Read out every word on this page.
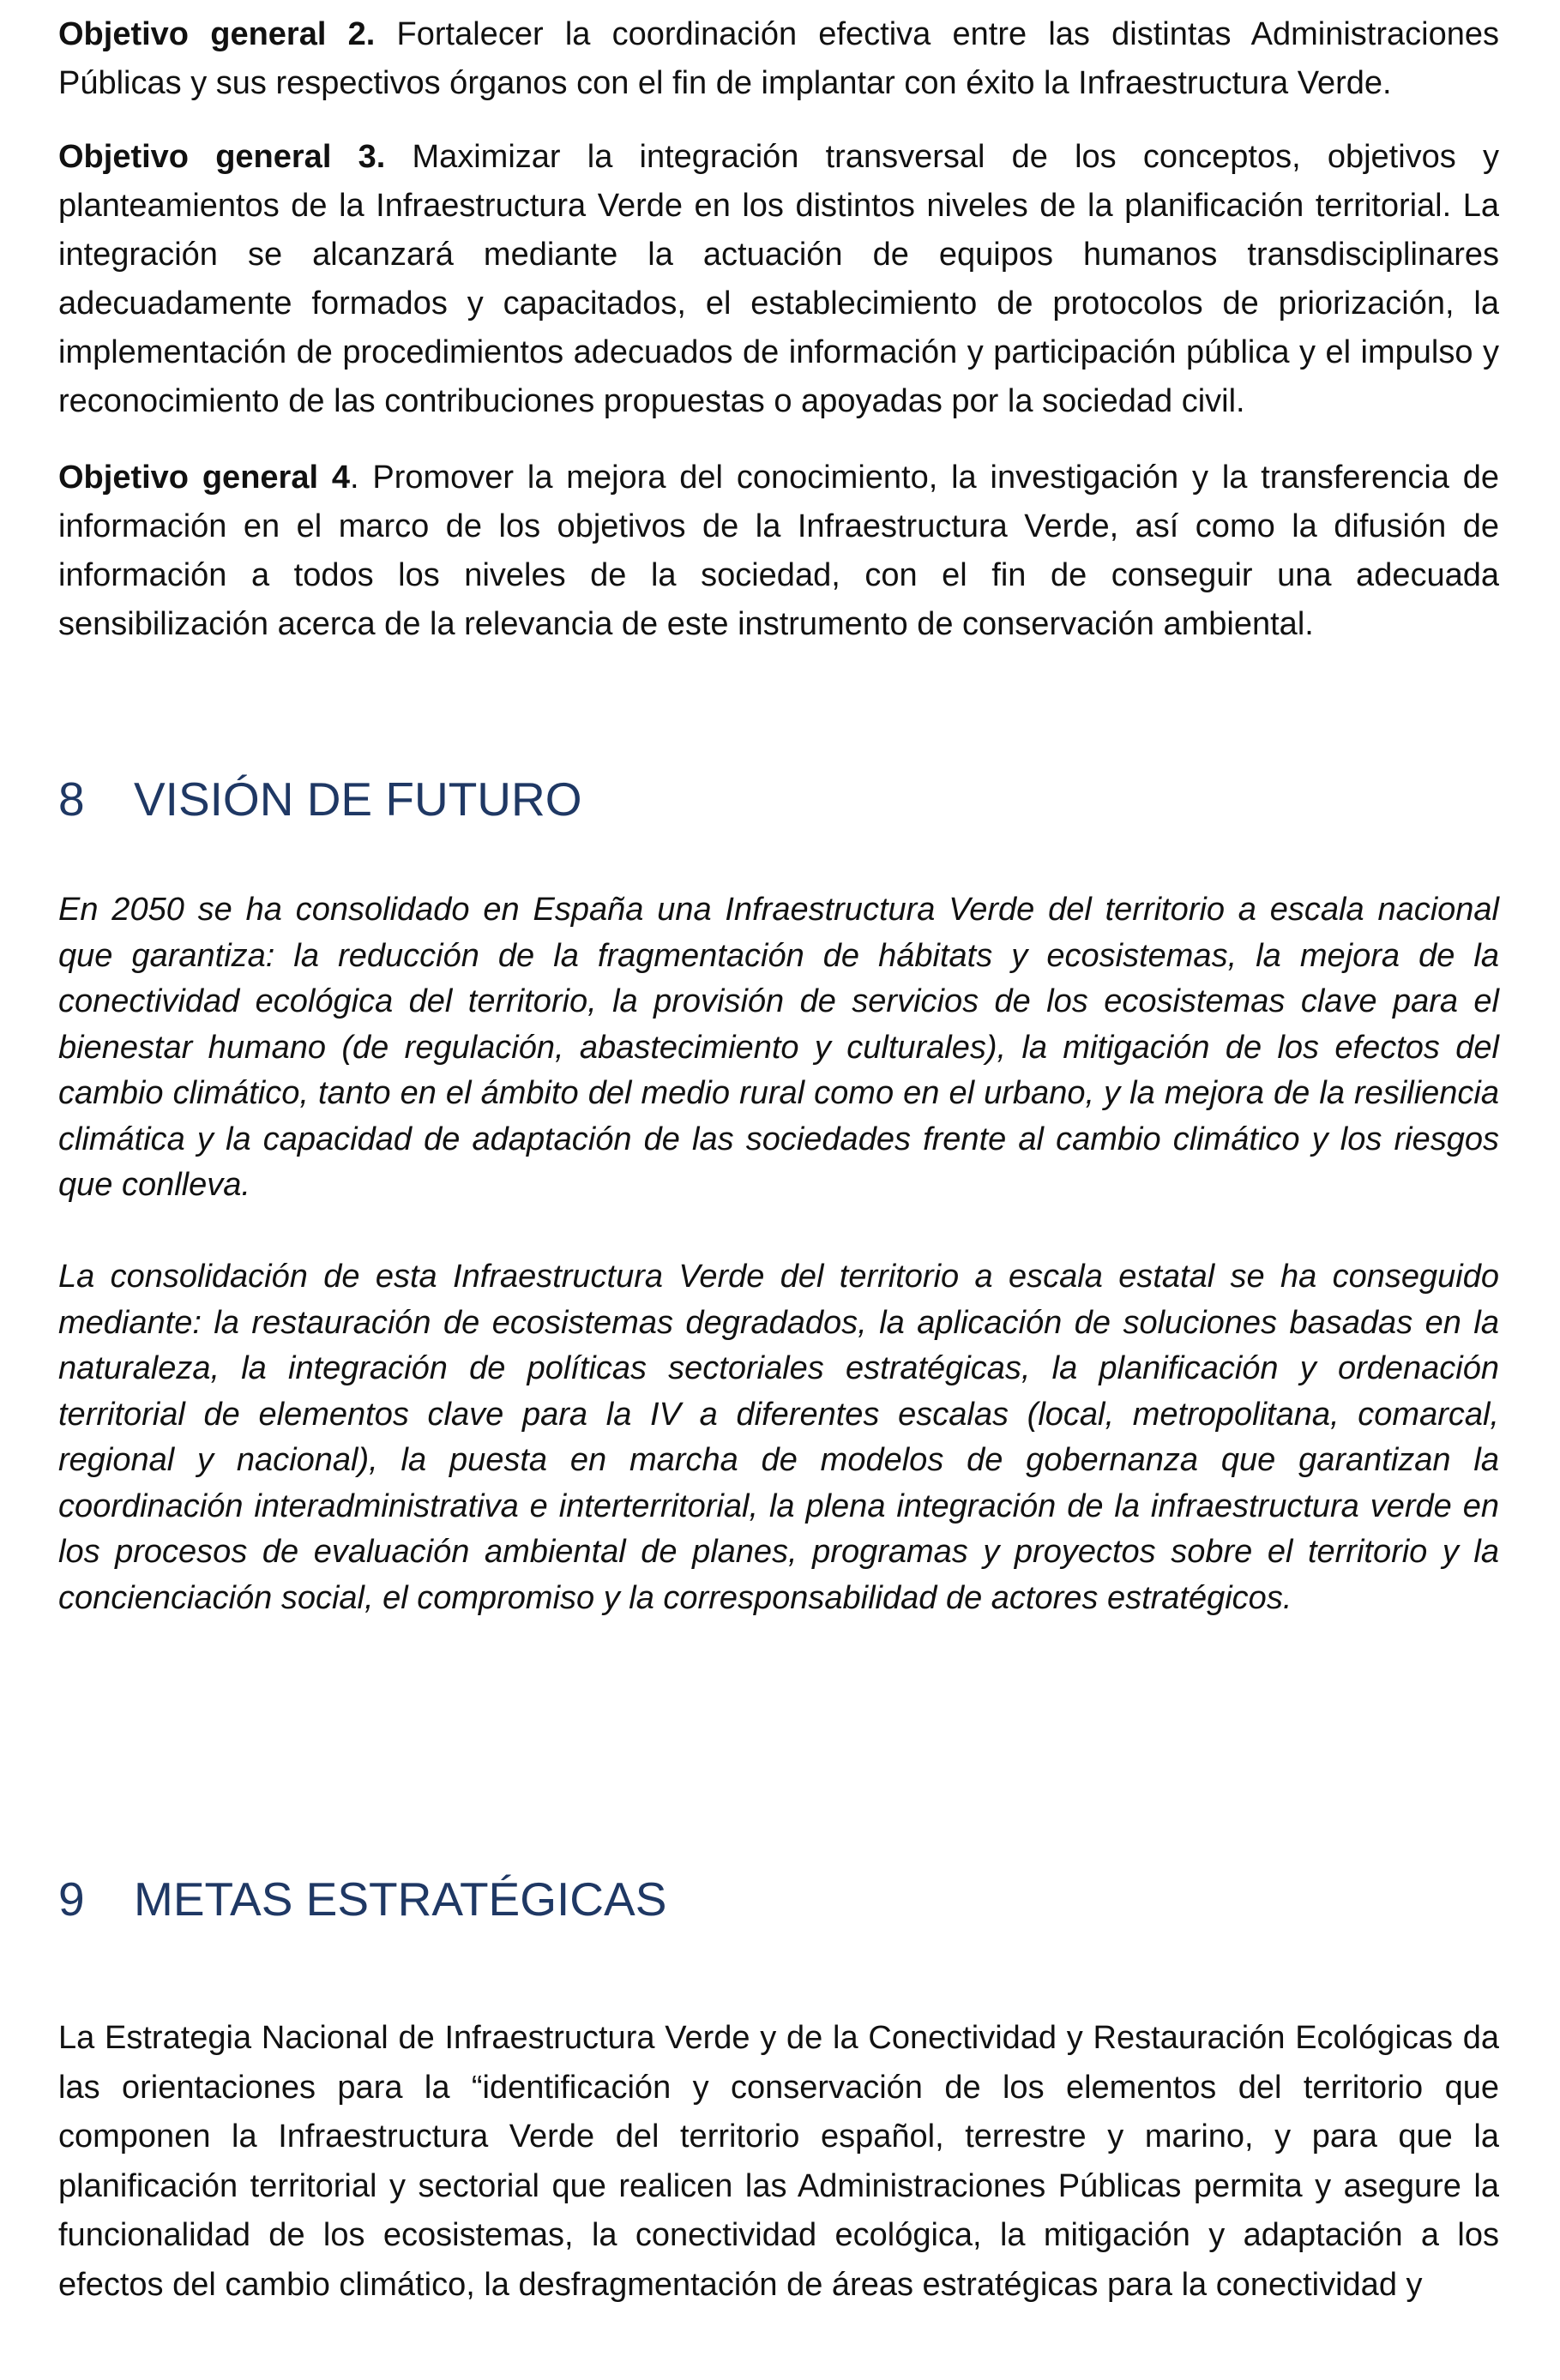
Objetivo general 2. Fortalecer la coordinación efectiva entre las distintas Administraciones Públicas y sus respectivos órganos con el fin de implantar con éxito la Infraestructura Verde.

Objetivo general 3. Maximizar la integración transversal de los conceptos, objetivos y planteamientos de la Infraestructura Verde en los distintos niveles de la planificación territorial. La integración se alcanzará mediante la actuación de equipos humanos transdisciplinares adecuadamente formados y capacitados, el establecimiento de protocolos de priorización, la implementación de procedimientos adecuados de información y participación pública y el impulso y reconocimiento de las contribuciones propuestas o apoyadas por la sociedad civil.

Objetivo general 4. Promover la mejora del conocimiento, la investigación y la transferencia de información en el marco de los objetivos de la Infraestructura Verde, así como la difusión de información a todos los niveles de la sociedad, con el fin de conseguir una adecuada sensibilización acerca de la relevancia de este instrumento de conservación ambiental.

8 VISIÓN DE FUTURO

En 2050 se ha consolidado en España una Infraestructura Verde del territorio a escala nacional que garantiza: la reducción de la fragmentación de hábitats y ecosistemas, la mejora de la conectividad ecológica del territorio, la provisión de servicios de los ecosistemas clave para el bienestar humano (de regulación, abastecimiento y culturales), la mitigación de los efectos del cambio climático, tanto en el ámbito del medio rural como en el urbano, y la mejora de la resiliencia climática y la capacidad de adaptación de las sociedades frente al cambio climático y los riesgos que conlleva.

La consolidación de esta Infraestructura Verde del territorio a escala estatal se ha conseguido mediante: la restauración de ecosistemas degradados, la aplicación de soluciones basadas en la naturaleza, la integración de políticas sectoriales estratégicas, la planificación y ordenación territorial de elementos clave para la IV a diferentes escalas (local, metropolitana, comarcal, regional y nacional), la puesta en marcha de modelos de gobernanza que garantizan la coordinación interadministrativa e interterritorial, la plena integración de la infraestructura verde en los procesos de evaluación ambiental de planes, programas y proyectos sobre el territorio y la concienciación social, el compromiso y la corresponsabilidad de actores estratégicos.

9 METAS ESTRATÉGICAS

La Estrategia Nacional de Infraestructura Verde y de la Conectividad y Restauración Ecológicas da las orientaciones para la “identificación y conservación de los elementos del territorio que componen la Infraestructura Verde del territorio español, terrestre y marino, y para que la planificación territorial y sectorial que realicen las Administraciones Públicas permita y asegure la funcionalidad de los ecosistemas, la conectividad ecológica, la mitigación y adaptación a los efectos del cambio climático, la desfragmentación de áreas estratégicas para la conectividad y
